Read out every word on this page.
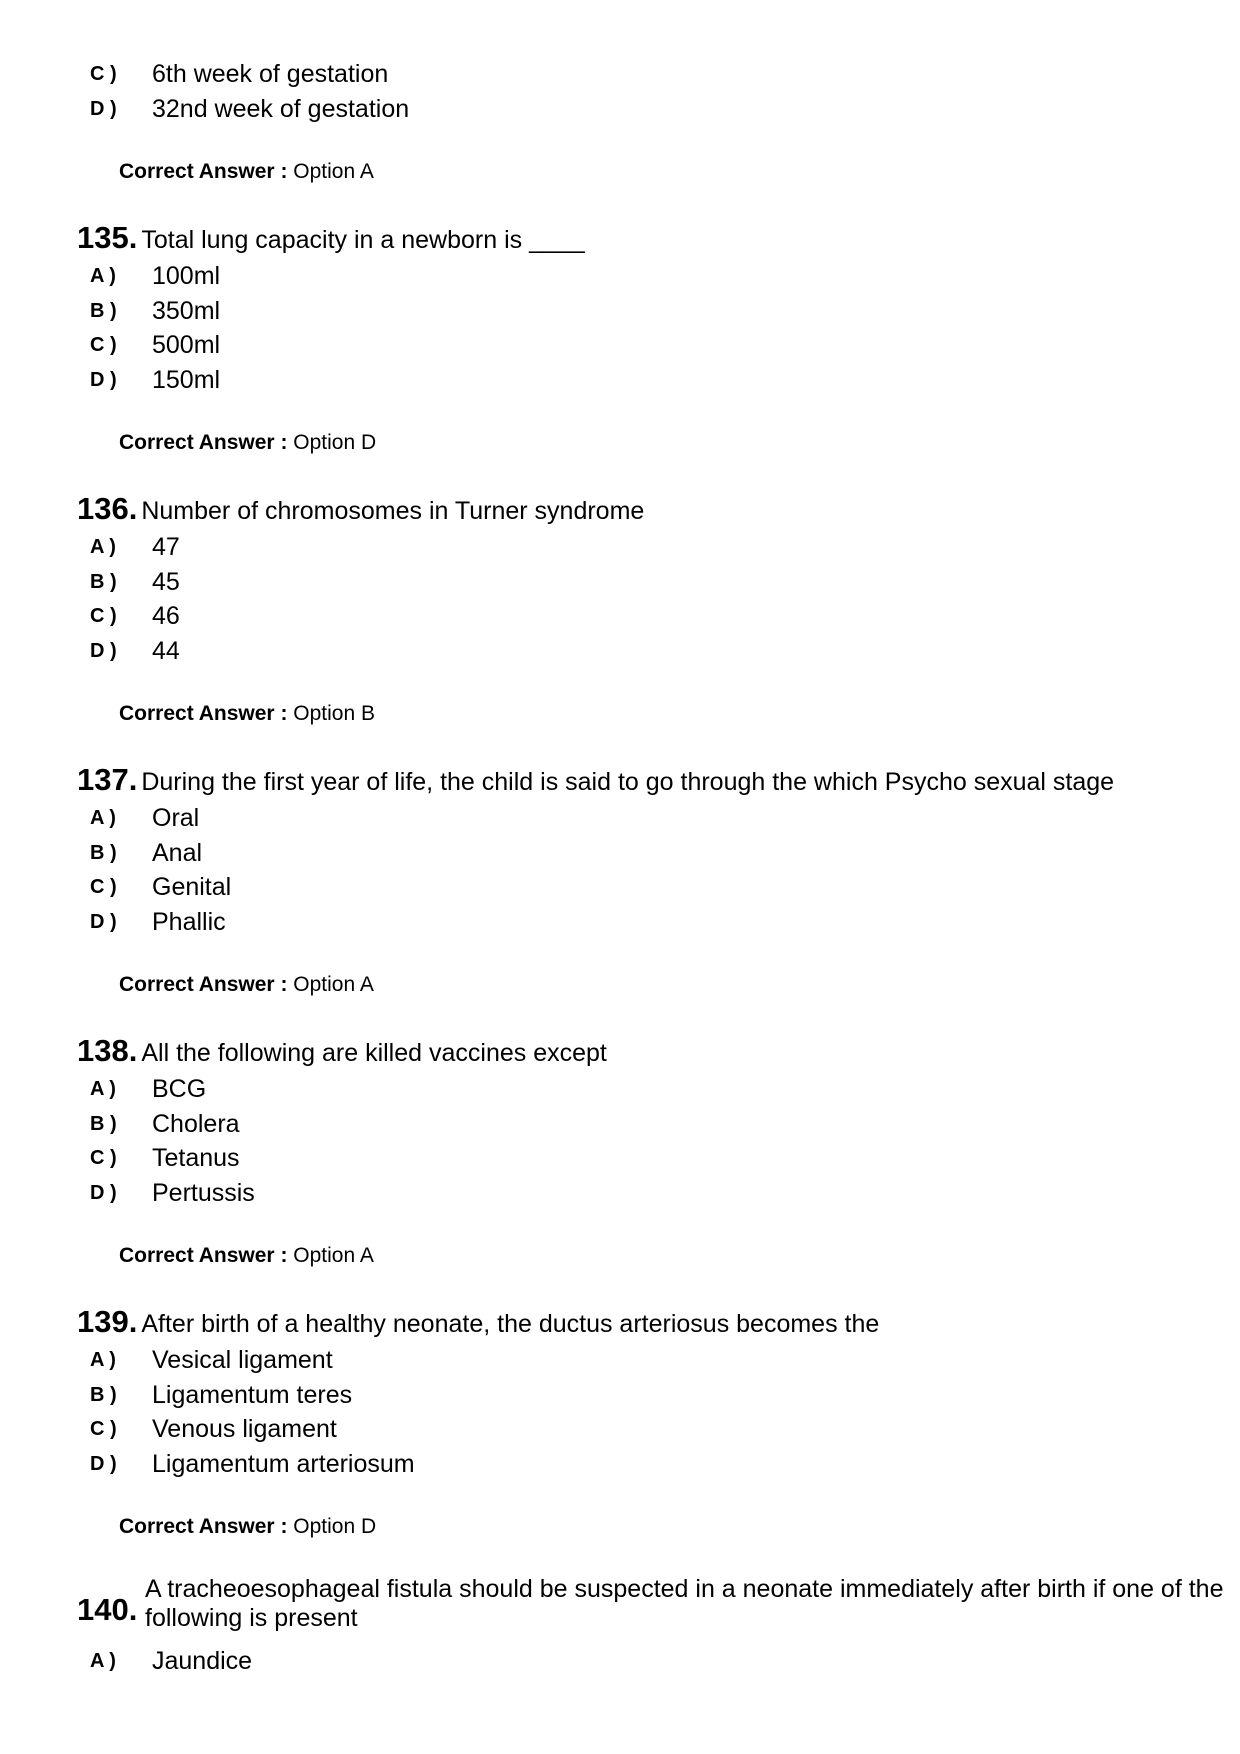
C )	6th week of gestation
D )	32nd week of gestation
Correct Answer : Option A
135. Total lung capacity in a newborn is ____
A )	100ml
B )	350ml
C )	500ml
D )	150ml
Correct Answer : Option D
136. Number of chromosomes in Turner syndrome
A )	47
B )	45
C )	46
D )	44
Correct Answer : Option B
137. During the first year of life, the child is said to go through the which Psycho sexual stage
A )	Oral
B )	Anal
C )	Genital
D )	Phallic
Correct Answer : Option A
138. All the following are killed vaccines except
A )	BCG
B )	Cholera
C )	Tetanus
D )	Pertussis
Correct Answer : Option A
139. After birth of a healthy neonate, the ductus arteriosus becomes the
A )	Vesical ligament
B )	Ligamentum teres
C )	Venous ligament
D )	Ligamentum arteriosum
Correct Answer : Option D
140.
A tracheoesophageal fistula should be suspected in a neonate immediately after birth if one of the following is present
A )	Jaundice
